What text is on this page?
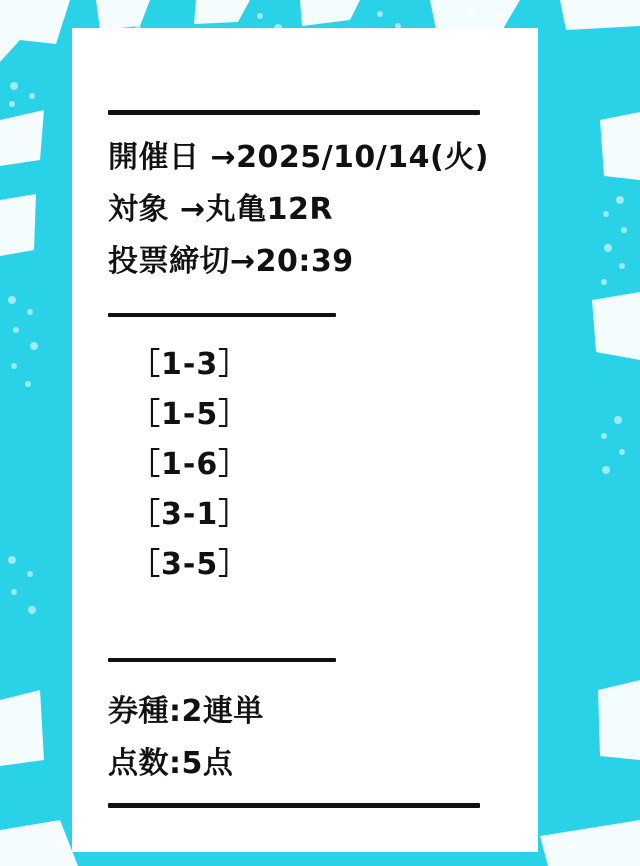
開催日 →2025/10/14(火)
対象 →丸亀12R
投票締切→20:39
［1-3］
［1-5］
［1-6］
［3-1］
［3-5］
券種:2連単
点数:5点
